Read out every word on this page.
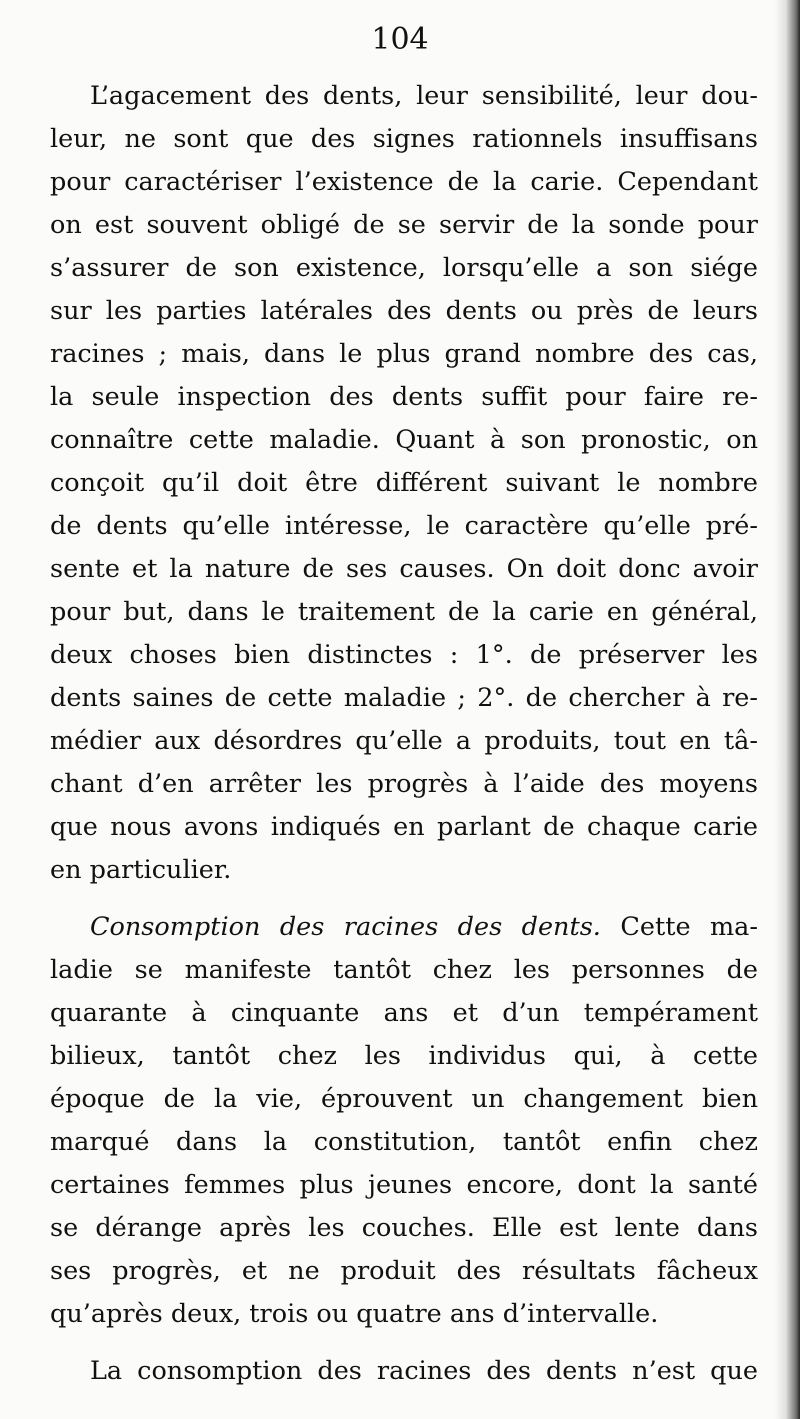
104

L’agacement des dents, leur sensibilité, leur dou-
leur, ne sont que des signes rationnels insuffisans
pour caractériser l’existence de la carie. Cependant
on est souvent obligé de se servir de la sonde pour
s’assurer de son existence, lorsqu’elle a son siége
sur les parties latérales des dents ou près de leurs
racines ; mais, dans le plus grand nombre des cas,
la seule inspection des dents suffit pour faire re-
connaître cette maladie. Quant à son pronostic, on
conçoit qu’il doit être différent suivant le nombre
de dents qu’elle intéresse, le caractère qu’elle pré-
sente et la nature de ses causes. On doit donc avoir
pour but, dans le traitement de la carie en général,
deux choses bien distinctes : 1°. de préserver les
dents saines de cette maladie ; 2°. de chercher à re-
médier aux désordres qu’elle a produits, tout en tâ-
chant d’en arrêter les progrès à l’aide des moyens
que nous avons indiqués en parlant de chaque carie
en particulier.
Consomption des racines des dents. Cette ma-
ladie se manifeste tantôt chez les personnes de
quarante à cinquante ans et d’un tempérament
bilieux, tantôt chez les individus qui, à cette
époque de la vie, éprouvent un changement bien
marqué dans la constitution, tantôt enfin chez
certaines femmes plus jeunes encore, dont la santé
se dérange après les couches. Elle est lente dans
ses progrès, et ne produit des résultats fâcheux
qu’après deux, trois ou quatre ans d’intervalle.
La consomption des racines des dents n’est que
